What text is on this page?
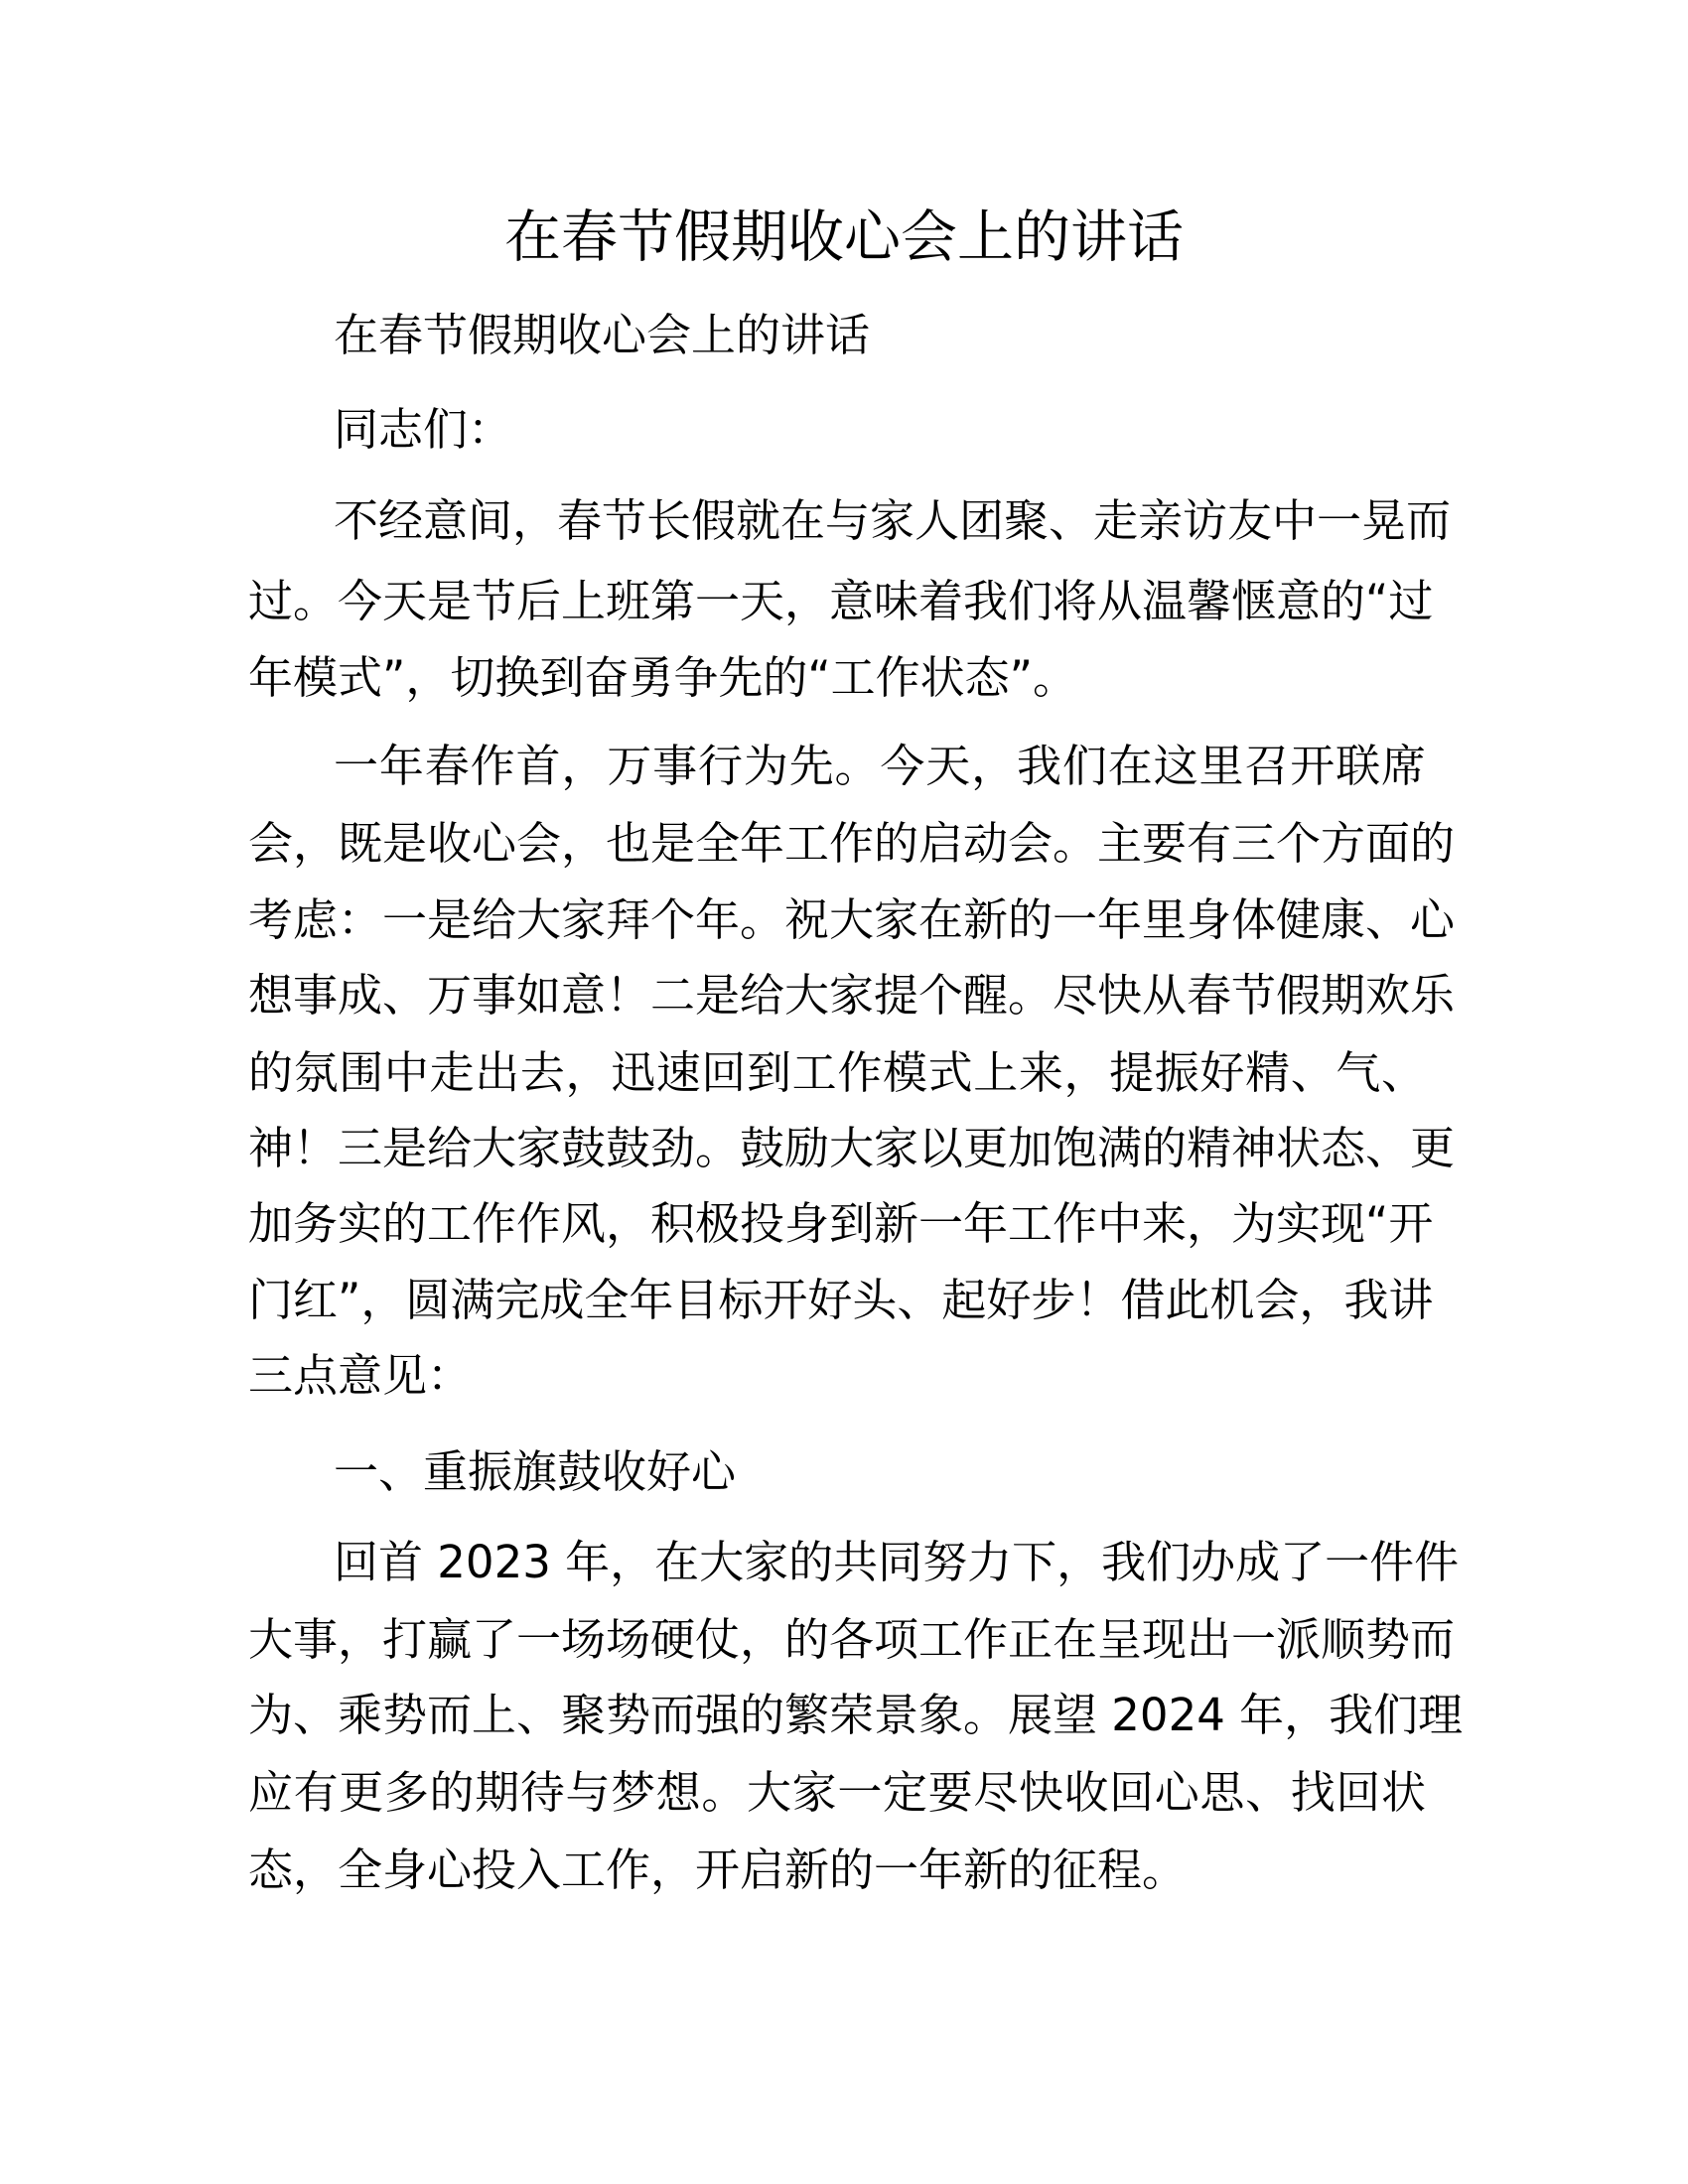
在春节假期收心会上的讲话
在春节假期收心会上的讲话
同志们：
不经意间，春节长假就在与家人团聚、走亲访友中一晃而
过。今天是节后上班第一天，意味着我们将从温馨惬意的“过
年模式”，切换到奋勇争先的“工作状态”。
一年春作首，万事行为先。今天，我们在这里召开联席
会，既是收心会，也是全年工作的启动会。主要有三个方面的
考虑：一是给大家拜个年。祝大家在新的一年里身体健康、心
想事成、万事如意！二是给大家提个醒。尽快从春节假期欢乐
的氛围中走出去，迅速回到工作模式上来，提振好精、气、
神！三是给大家鼓鼓劲。鼓励大家以更加饱满的精神状态、更
加务实的工作作风，积极投身到新一年工作中来，为实现“开
门红”，圆满完成全年目标开好头、起好步！借此机会，我讲
三点意见：
一、重振旗鼓收好心
回首 2023 年，在大家的共同努力下，我们办成了一件件
大事，打赢了一场场硬仗，的各项工作正在呈现出一派顺势而
为、乘势而上、聚势而强的繁荣景象。展望 2024 年，我们理
应有更多的期待与梦想。大家一定要尽快收回心思、找回状
态，全身心投入工作，开启新的一年新的征程。
